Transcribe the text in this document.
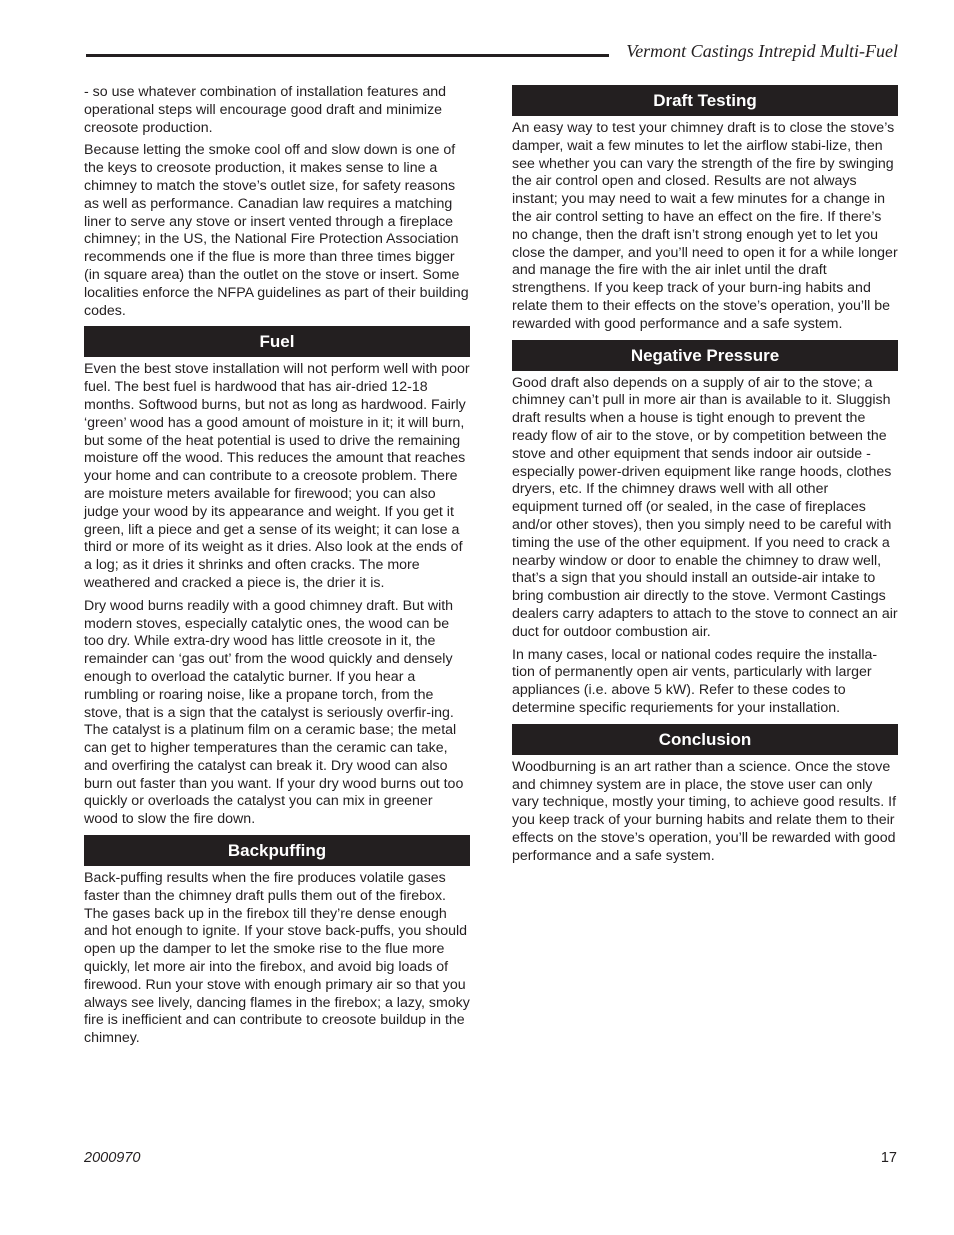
Vermont Castings Intrepid Multi-Fuel

- so use whatever combination of installation features and operational steps will encourage good draft and minimize creosote production.

Because letting the smoke cool off and slow down is one of the keys to creosote production, it makes sense to line a chimney to match the stove’s outlet size, for safety reasons as well as performance. Canadian law requires a matching liner to serve any stove or insert vented through a fireplace chimney; in the US, the National Fire Protection Association recommends one if the flue is more than three times bigger (in square area) than the outlet on the stove or insert. Some localities enforce the NFPA guidelines as part of their building codes.

Fuel

Even the best stove installation will not perform well with poor fuel. The best fuel is hardwood that has air-dried 12-18 months. Softwood burns, but not as long as hardwood. Fairly ‘green’ wood has a good amount of moisture in it; it will burn, but some of the heat potential is used to drive the remaining moisture off the wood. This reduces the amount that reaches your home and can contribute to a creosote problem. There are moisture meters available for firewood; you can also judge your wood by its appearance and weight. If you get it green, lift a piece and get a sense of its weight; it can lose a third or more of its weight as it dries. Also look at the ends of a log; as it dries it shrinks and often cracks. The more weathered and cracked a piece is, the drier it is.

Dry wood burns readily with a good chimney draft. But with modern stoves, especially catalytic ones, the wood can be too dry. While extra-dry wood has little creosote in it, the remainder can ‘gas out’ from the wood quickly and densely enough to overload the catalytic burner. If you hear a rumbling or roaring noise, like a propane torch, from the stove, that is a sign that the catalyst is seriously overfir-ing. The catalyst is a platinum film on a ceramic base; the metal can get to higher temperatures than the ceramic can take, and overfiring the catalyst can break it. Dry wood can also burn out faster than you want. If your dry wood burns out too quickly or overloads the catalyst you can mix in greener wood to slow the fire down.

Backpuffing

Back-puffing results when the fire produces volatile gases faster than the chimney draft pulls them out of the firebox. The gases back up in the firebox till they’re dense enough and hot enough to ignite. If your stove back-puffs, you should open up the damper to let the smoke rise to the flue more quickly, let more air into the firebox, and avoid big loads of firewood. Run your stove with enough primary air so that you always see lively, dancing flames in the firebox; a lazy, smoky fire is inefficient and can contribute to creosote buildup in the chimney.

Draft Testing

An easy way to test your chimney draft is to close the stove’s damper, wait a few minutes to let the airflow stabi-lize, then see whether you can vary the strength of the fire by swinging the air control open and closed. Results are not always instant; you may need to wait a few minutes for a change in the air control setting to have an effect on the fire. If there’s no change, then the draft isn’t strong enough yet to let you close the damper, and you’ll need to open it for a while longer and manage the fire with the air inlet until the draft strengthens. If you keep track of your burn-ing habits and relate them to their effects on the stove’s operation, you’ll be rewarded with good performance and a safe system.

Negative Pressure

Good draft also depends on a supply of air to the stove; a chimney can’t pull in more air than is available to it. Sluggish draft results when a house is tight enough to prevent the ready flow of air to the stove, or by competition between the stove and other equipment that sends indoor air outside - especially power-driven equipment like range hoods, clothes dryers, etc. If the chimney draws well with all other equipment turned off (or sealed, in the case of fireplaces and/or other stoves), then you simply need to be careful with timing the use of the other equipment. If you need to crack a nearby window or door to enable the chimney to draw well, that’s a sign that you should install an outside-air intake to bring combustion air directly to the stove. Vermont Castings dealers carry adapters to attach to the stove to connect an air duct for outdoor combustion air.

In many cases, local or national codes require the installa-tion of permanently open air vents, particularly with larger appliances (i.e. above 5 kW). Refer to these codes to determine specific requriements for your installation.

Conclusion

Woodburning is an art rather than a science. Once the stove and chimney system are in place, the stove user can only vary technique, mostly your timing, to achieve good results. If you keep track of your burning habits and relate them to their effects on the stove’s operation, you’ll be rewarded with good performance and a safe system.

2000970	17
